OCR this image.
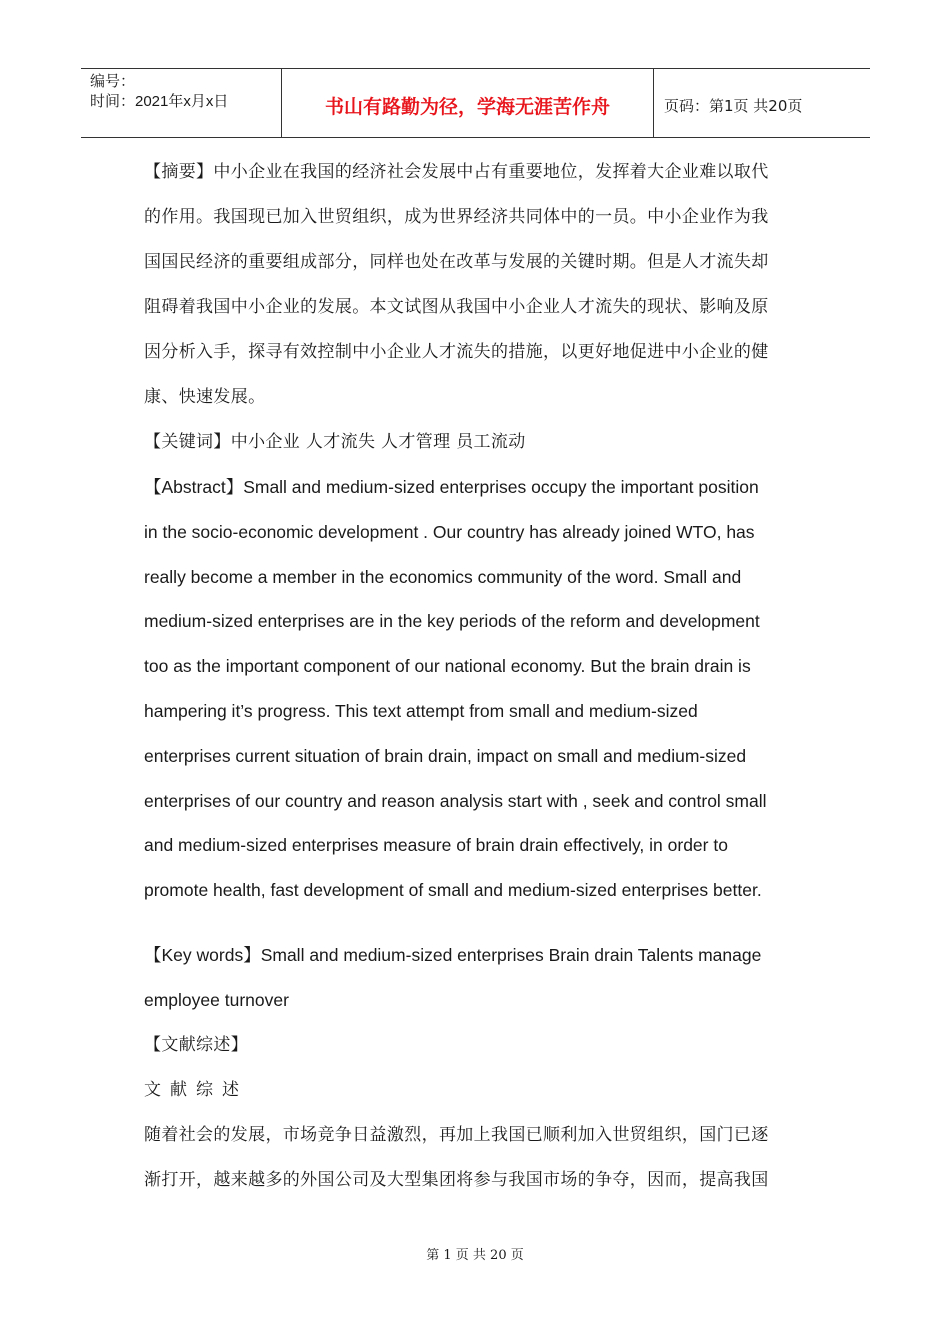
编号：
时间：2021年x月x日	书山有路勤为径，学海无涯苦作舟	页码：第1页 共20页

【摘要】中小企业在我国的经济社会发展中占有重要地位，发挥着大企业难以取代

的作用。我国现已加入世贸组织，成为世界经济共同体中的一员。中小企业作为我

国国民经济的重要组成部分，同样也处在改革与发展的关键时期。但是人才流失却

阻碍着我国中小企业的发展。本文试图从我国中小企业人才流失的现状、影响及原

因分析入手，探寻有效控制中小企业人才流失的措施，以更好地促进中小企业的健

康、快速发展。

【关键词】中小企业 人才流失 人才管理 员工流动

【Abstract】Small and medium-sized enterprises occupy the important position

in the socio-economic development . Our country has already joined WTO, has

really become a member in the economics community of the word. Small and

medium-sized enterprises are in the key periods of the reform and development

too as the important component of our national economy. But the brain drain is

hampering it’s progress. This text attempt from small and medium-sized

enterprises current situation of brain drain, impact on small and medium-sized

enterprises of our country and reason analysis start with , seek and control small

and medium-sized enterprises measure of brain drain effectively, in order to

promote health, fast development of small and medium-sized enterprises better.

【Key words】Small and medium-sized enterprises Brain drain Talents manage

employee turnover

【文献综述】

文献综述

随着社会的发展，市场竞争日益激烈，再加上我国已顺利加入世贸组织，国门已逐

渐打开，越来越多的外国公司及大型集团将参与我国市场的争夺，因而，提高我国

第 1 页 共 20 页
